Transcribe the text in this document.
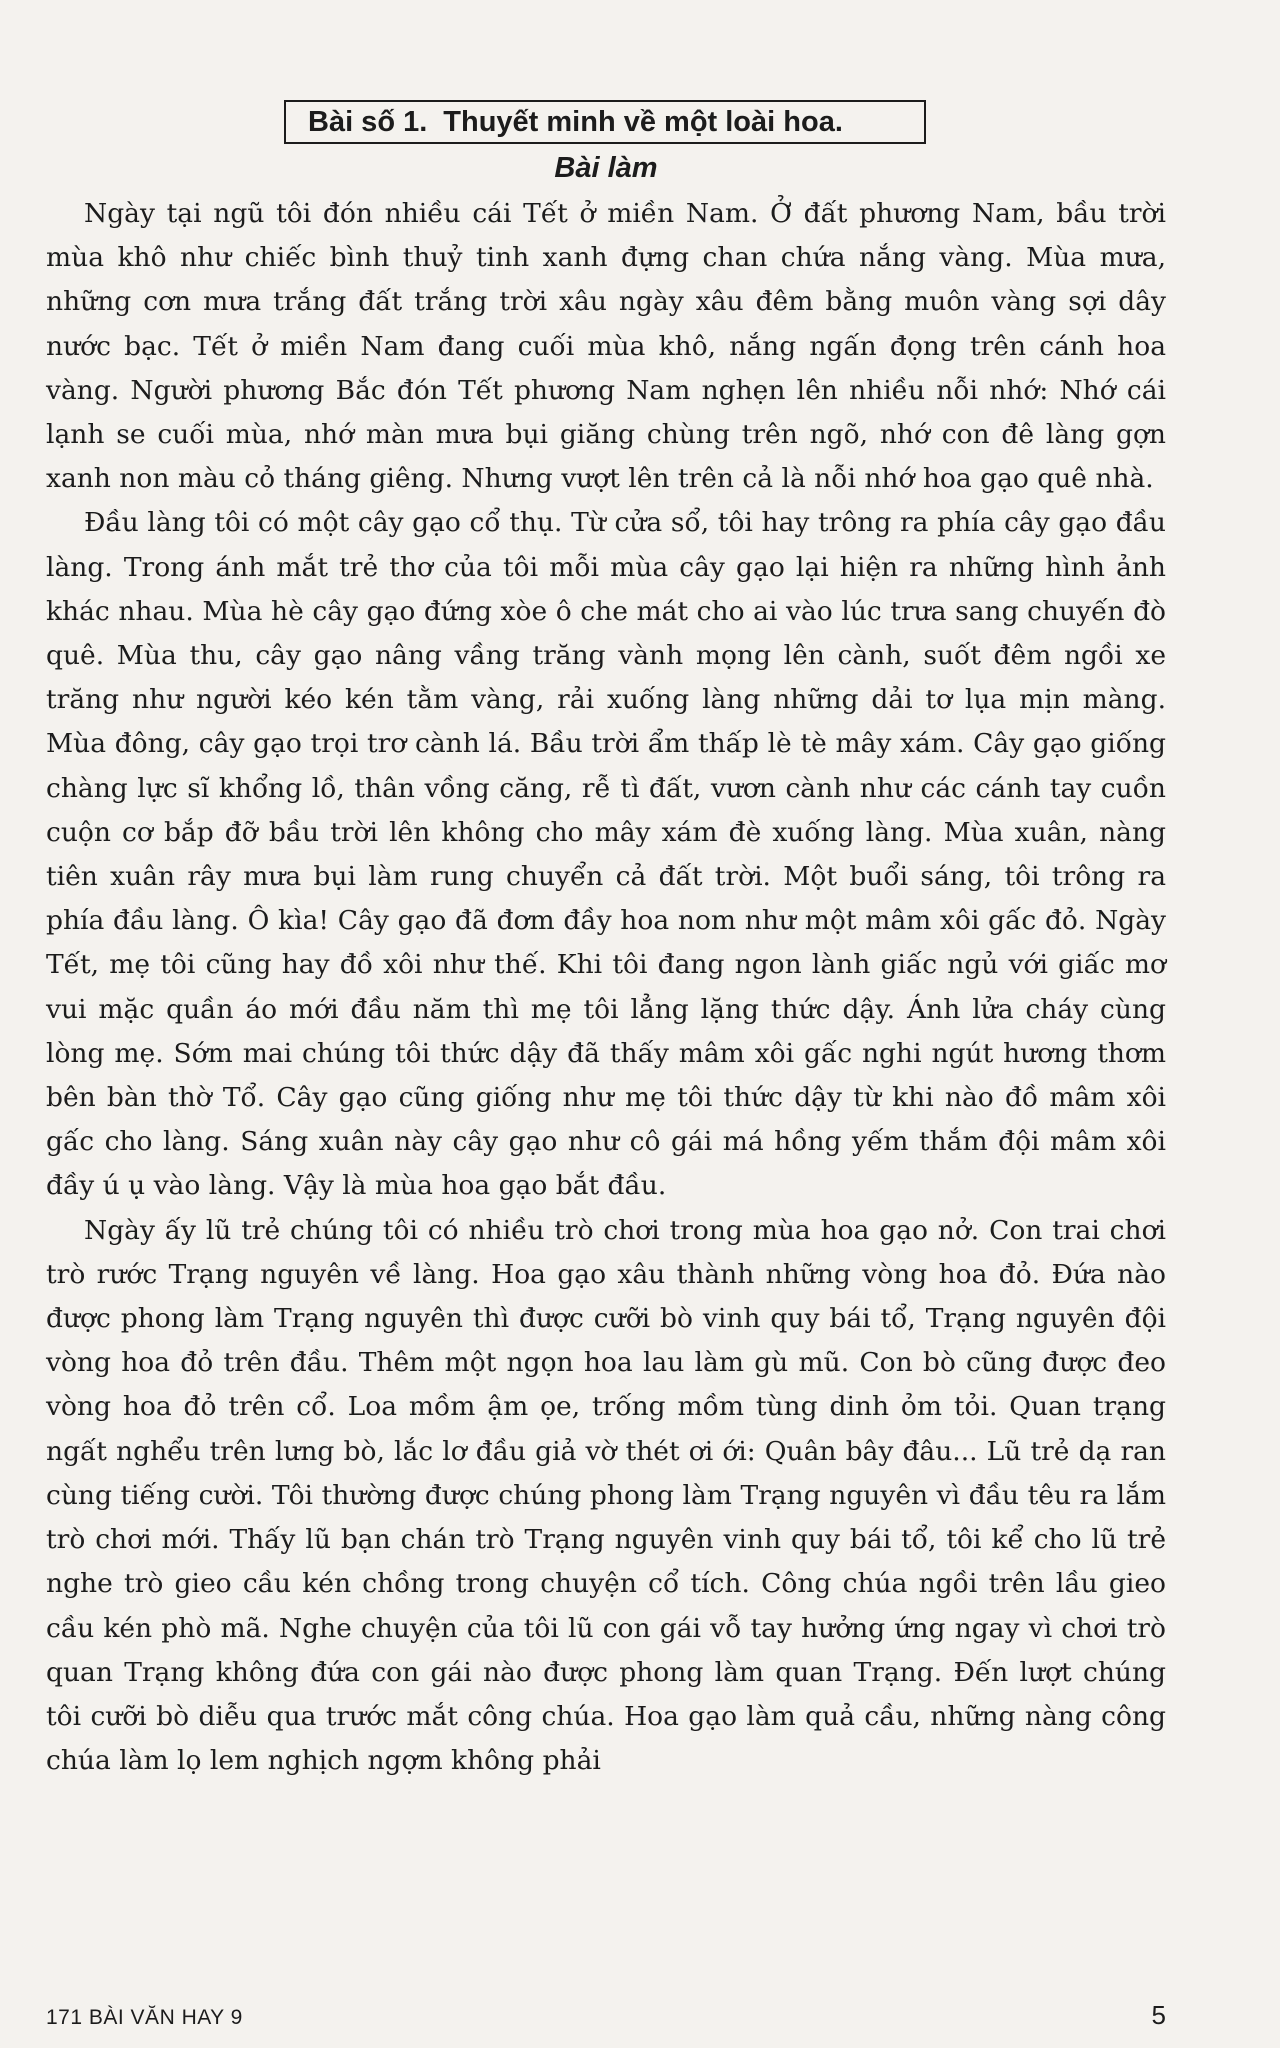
Bài số 1. Thuyết minh về một loài hoa.
Bài làm

Ngày tại ngũ tôi đón nhiều cái Tết ở miền Nam. Ở đất phương Nam, bầu trời mùa khô như chiếc bình thuỷ tinh xanh đựng chan chứa nắng vàng. Mùa mưa, những cơn mưa trắng đất trắng trời xâu ngày xâu đêm bằng muôn vàng sợi dây nước bạc. Tết ở miền Nam đang cuối mùa khô, nắng ngấn đọng trên cánh hoa vàng. Người phương Bắc đón Tết phương Nam nghẹn lên nhiều nỗi nhớ: Nhớ cái lạnh se cuối mùa, nhớ màn mưa bụi giăng chùng trên ngõ, nhớ con đê làng gợn xanh non màu cỏ tháng giêng. Nhưng vượt lên trên cả là nỗi nhớ hoa gạo quê nhà.

Đầu làng tôi có một cây gạo cổ thụ. Từ cửa sổ, tôi hay trông ra phía cây gạo đầu làng. Trong ánh mắt trẻ thơ của tôi mỗi mùa cây gạo lại hiện ra những hình ảnh khác nhau. Mùa hè cây gạo đứng xòe ô che mát cho ai vào lúc trưa sang chuyến đò quê. Mùa thu, cây gạo nâng vầng trăng vành mọng lên cành, suốt đêm ngồi xe trăng như người kéo kén tằm vàng, rải xuống làng những dải tơ lụa mịn màng. Mùa đông, cây gạo trọi trơ cành lá. Bầu trời ẩm thấp lè tè mây xám. Cây gạo giống chàng lực sĩ khổng lồ, thân vồng căng, rễ tì đất, vươn cành như các cánh tay cuồn cuộn cơ bắp đỡ bầu trời lên không cho mây xám đè xuống làng. Mùa xuân, nàng tiên xuân rây mưa bụi làm rung chuyển cả đất trời. Một buổi sáng, tôi trông ra phía đầu làng. Ô kìa! Cây gạo đã đơm đầy hoa nom như một mâm xôi gấc đỏ. Ngày Tết, mẹ tôi cũng hay đồ xôi như thế. Khi tôi đang ngon lành giấc ngủ với giấc mơ vui mặc quần áo mới đầu năm thì mẹ tôi lẳng lặng thức dậy. Ánh lửa cháy cùng lòng mẹ. Sớm mai chúng tôi thức dậy đã thấy mâm xôi gấc nghi ngút hương thơm bên bàn thờ Tổ. Cây gạo cũng giống như mẹ tôi thức dậy từ khi nào đồ mâm xôi gấc cho làng. Sáng xuân này cây gạo như cô gái má hồng yếm thắm đội mâm xôi đầy ú ụ vào làng. Vậy là mùa hoa gạo bắt đầu.

Ngày ấy lũ trẻ chúng tôi có nhiều trò chơi trong mùa hoa gạo nở. Con trai chơi trò rước Trạng nguyên về làng. Hoa gạo xâu thành những vòng hoa đỏ. Đứa nào được phong làm Trạng nguyên thì được cưỡi bò vinh quy bái tổ, Trạng nguyên đội vòng hoa đỏ trên đầu. Thêm một ngọn hoa lau làm gù mũ. Con bò cũng được đeo vòng hoa đỏ trên cổ. Loa mồm ậm ọe, trống mồm tùng dinh ỏm tỏi. Quan trạng ngất nghểu trên lưng bò, lắc lơ đầu giả vờ thét ơi ới: Quân bây đâu... Lũ trẻ dạ ran cùng tiếng cười. Tôi thường được chúng phong làm Trạng nguyên vì đầu têu ra lắm trò chơi mới. Thấy lũ bạn chán trò Trạng nguyên vinh quy bái tổ, tôi kể cho lũ trẻ nghe trò gieo cầu kén chồng trong chuyện cổ tích. Công chúa ngồi trên lầu gieo cầu kén phò mã. Nghe chuyện của tôi lũ con gái vỗ tay hưởng ứng ngay vì chơi trò quan Trạng không đứa con gái nào được phong làm quan Trạng. Đến lượt chúng tôi cưỡi bò diễu qua trước mắt công chúa. Hoa gạo làm quả cầu, những nàng công chúa làm lọ lem nghịch ngợm không phải

171 BÀI VĂN HAY 9	5
